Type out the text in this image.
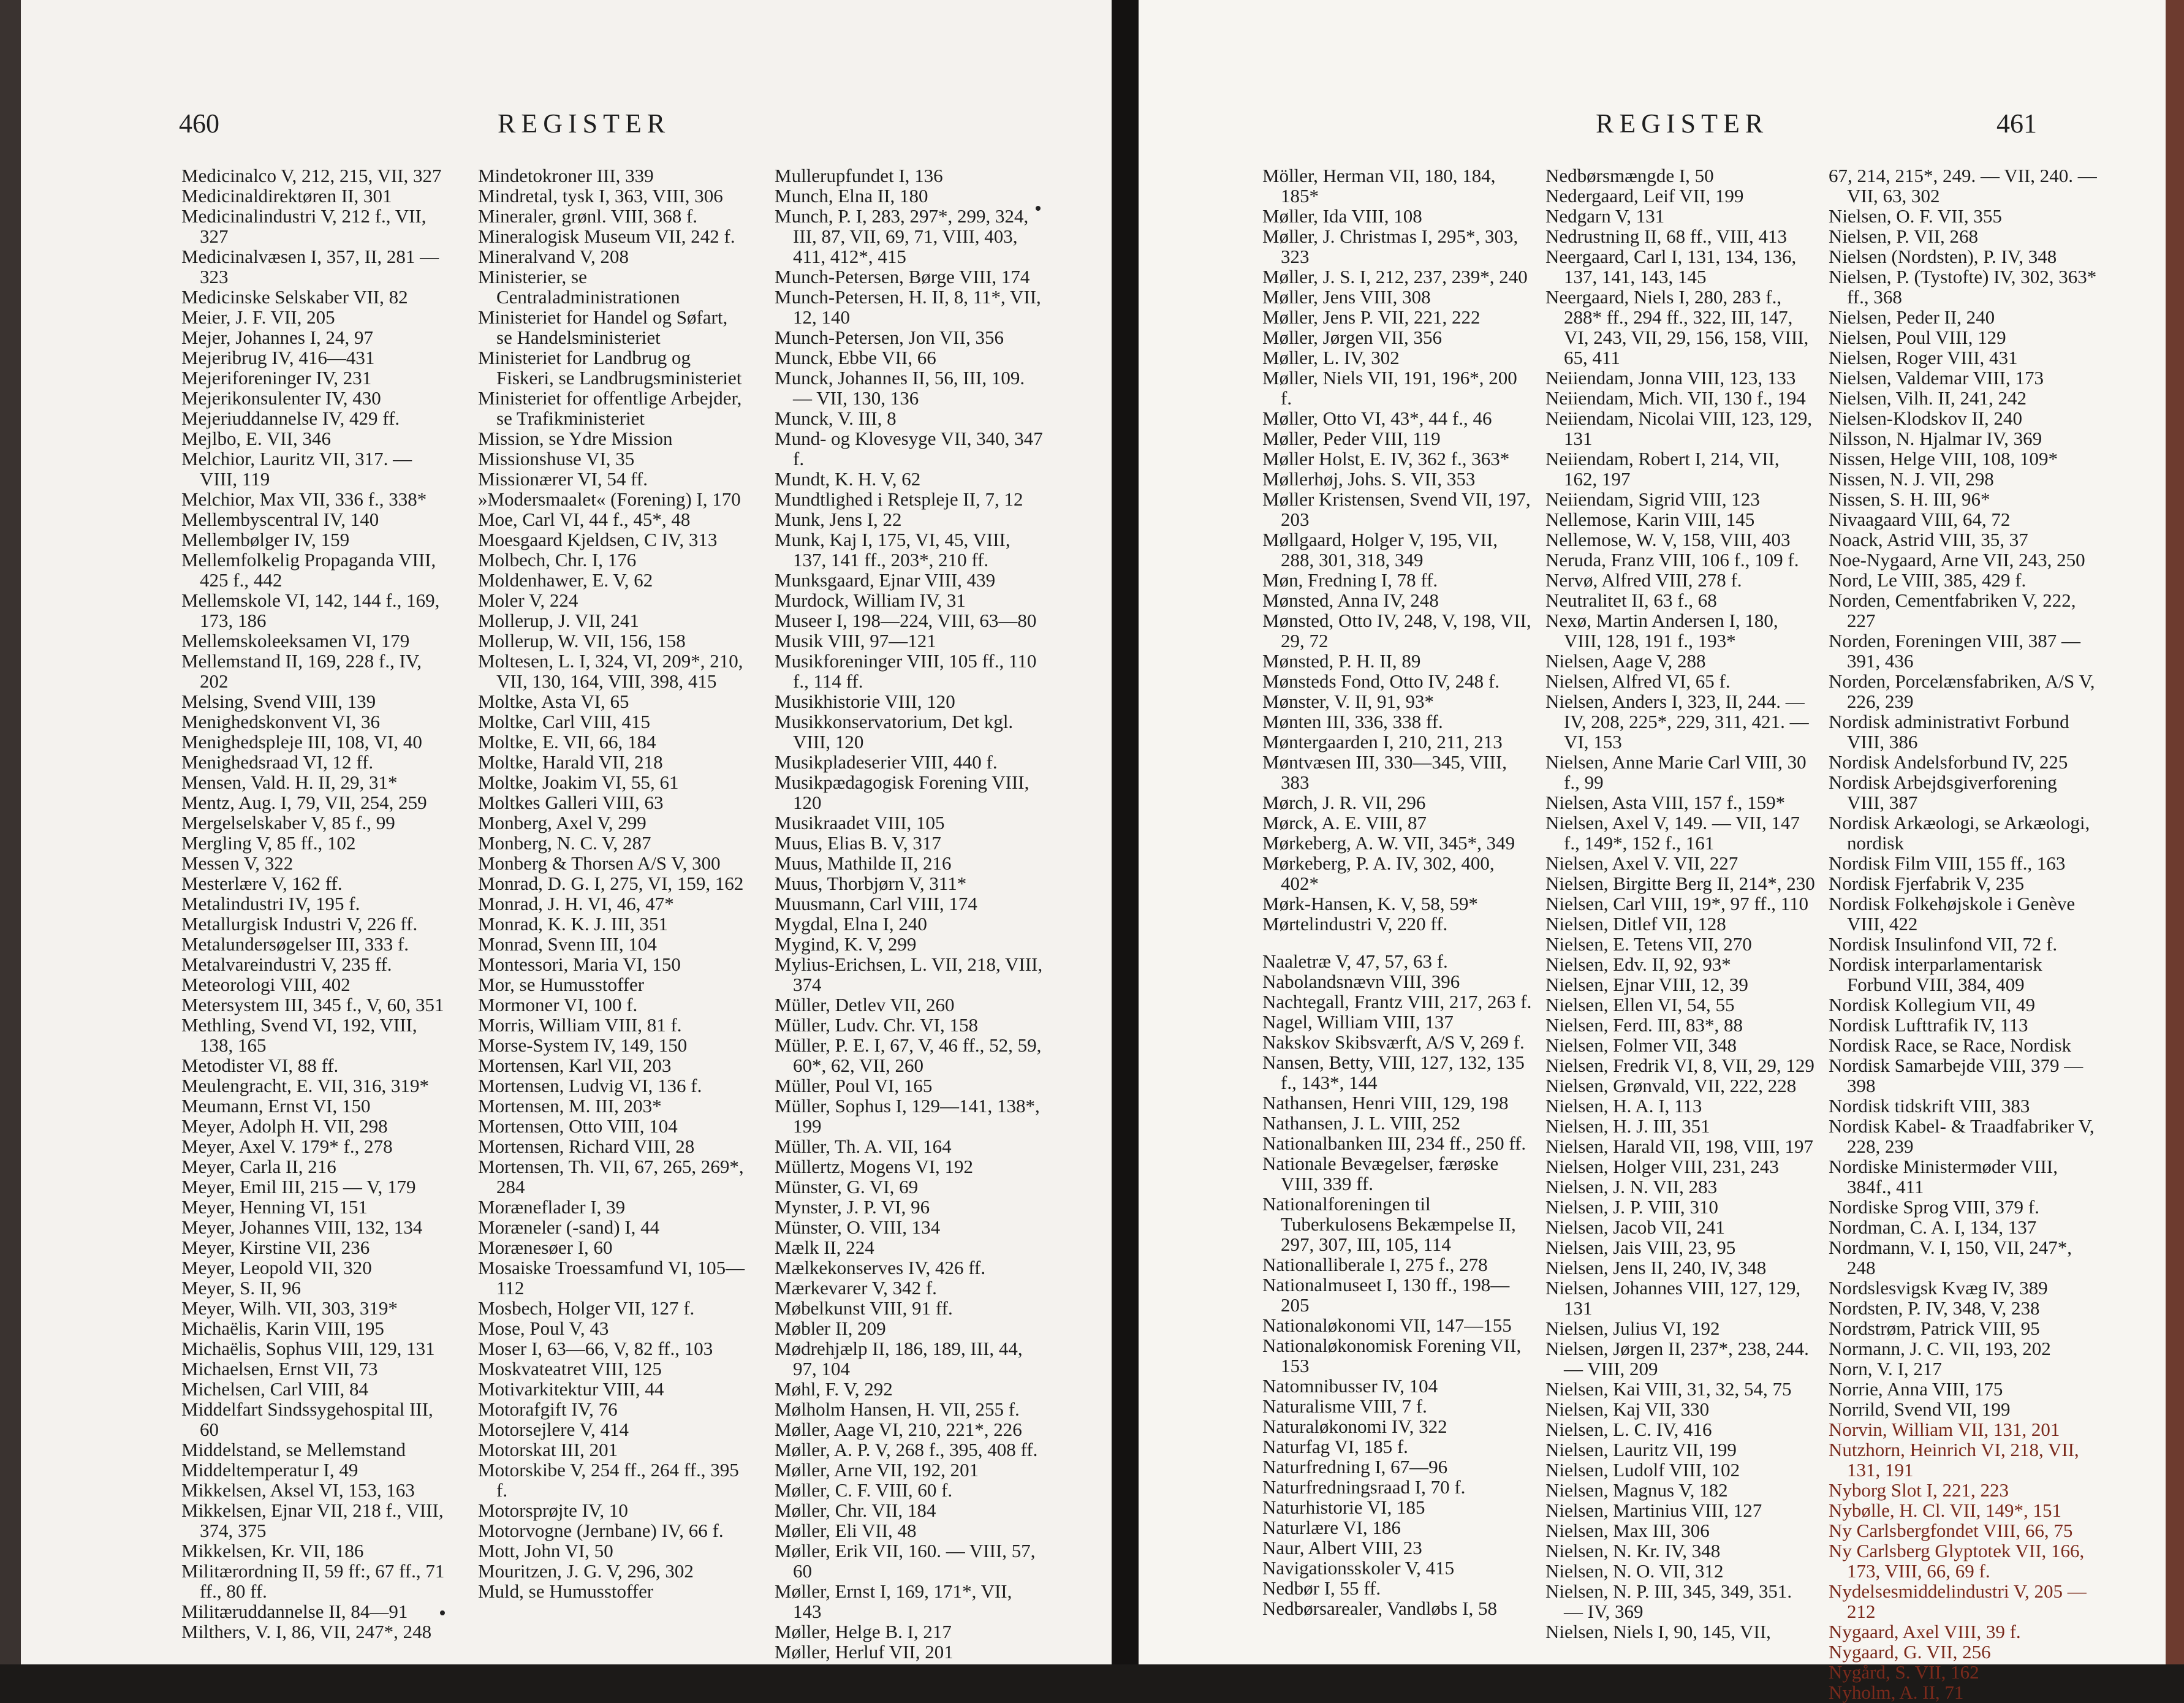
460	REGISTER
Medicinalco V, 212, 215, VII, 327
Medicinaldirektøren II, 301
Medicinalindustri V, 212 f., VII, 327
Medicinalvæsen I, 357, II, 281 —323
Medicinske Selskaber VII, 82
Meier, J. F. VII, 205
Mejer, Johannes I, 24, 97
Mejeribrug IV, 416—431
Mejeriforeninger IV, 231
Mejerikonsulenter IV, 430
Mejeriuddannelse IV, 429 ff.
Mejlbo, E. VII, 346
Melchior, Lauritz VII, 317. — VIII, 119
Melchior, Max VII, 336 f., 338*
Mellembyscentral IV, 140
Mellembølger IV, 159
Mellemfolkelig Propaganda VIII, 425 f., 442
Mellemskole VI, 142, 144 f., 169, 173, 186
Mellemskoleeksamen VI, 179
Mellemstand II, 169, 228 f., IV, 202
Melsing, Svend VIII, 139
Menighedskonvent VI, 36
Menighedspleje III, 108, VI, 40
Menighedsraad VI, 12 ff.
Mensen, Vald. H. II, 29, 31*
Mentz, Aug. I, 79, VII, 254, 259
Mergelselskaber V, 85 f., 99
Mergling V, 85 ff., 102
Messen V, 322
Mesterlære V, 162 ff.
Metalindustri IV, 195 f.
Metallurgisk Industri V, 226 ff.
Metalundersøgelser III, 333 f.
Metalvareindustri V, 235 ff.
Meteorologi VIII, 402
Metersystem III, 345 f., V, 60, 351
Methling, Svend VI, 192, VIII, 138, 165
Metodister VI, 88 ff.
Meulengracht, E. VII, 316, 319*
Meumann, Ernst VI, 150
Meyer, Adolph H. VII, 298
Meyer, Axel V. 179* f., 278
Meyer, Carla II, 216
Meyer, Emil III, 215 — V, 179
Meyer, Henning VI, 151
Meyer, Johannes VIII, 132, 134
Meyer, Kirstine VII, 236
Meyer, Leopold VII, 320
Meyer, S. II, 96
Meyer, Wilh. VII, 303, 319*
Michaëlis, Karin VIII, 195
Michaëlis, Sophus VIII, 129, 131
Michaelsen, Ernst VII, 73
Michelsen, Carl VIII, 84
Middelfart Sindssygehospital III, 60
Middelstand, se Mellemstand
Middeltemperatur I, 49
Mikkelsen, Aksel VI, 153, 163
Mikkelsen, Ejnar VII, 218 f., VIII, 374, 375
Mikkelsen, Kr. VII, 186
Militærordning II, 59 ff:, 67 ff., 71 ff., 80 ff.
Militæruddannelse II, 84—91
Milthers, V. I, 86, VII, 247*, 248
Mindetokroner III, 339
Mindretal, tysk I, 363, VIII, 306
Mineraler, grønl. VIII, 368 f.
Mineralogisk Museum VII, 242 f.
Mineralvand V, 208
Ministerier, se Centraladministrationen
Ministeriet for Handel og Søfart, se Handelsministeriet
Ministeriet for Landbrug og Fiskeri, se Landbrugsministeriet
Ministeriet for offentlige Arbejder, se Trafikministeriet
Mission, se Ydre Mission
Missionshuse VI, 35
Missionærer VI, 54 ff.
»Modersmaalet« (Forening) I, 170
Moe, Carl VI, 44 f., 45*, 48
Moesgaard Kjeldsen, C IV, 313
Molbech, Chr. I, 176
Moldenhawer, E. V, 62
Moler V, 224
Mollerup, J. VII, 241
Mollerup, W. VII, 156, 158
Moltesen, L. I, 324, VI, 209*, 210, VII, 130, 164, VIII, 398, 415
Moltke, Asta VI, 65
Moltke, Carl VIII, 415
Moltke, E. VII, 66, 184
Moltke, Harald VII, 218
Moltke, Joakim VI, 55, 61
Moltkes Galleri VIII, 63
Monberg, Axel V, 299
Monberg, N. C. V, 287
Monberg & Thorsen A/S V, 300
Monrad, D. G. I, 275, VI, 159, 162
Monrad, J. H. VI, 46, 47*
Monrad, K. K. J. III, 351
Monrad, Svenn III, 104
Montessori, Maria VI, 150
Mor, se Humusstoffer
Mormoner VI, 100 f.
Morris, William VIII, 81 f.
Morse-System IV, 149, 150
Mortensen, Karl VII, 203
Mortensen, Ludvig VI, 136 f.
Mortensen, M. III, 203*
Mortensen, Otto VIII, 104
Mortensen, Richard VIII, 28
Mortensen, Th. VII, 67, 265, 269*, 284
Moræneflader I, 39
Moræneler (-sand) I, 44
Morænesøer I, 60
Mosaiske Troessamfund VI, 105—112
Mosbech, Holger VII, 127 f.
Mose, Poul V, 43
Moser I, 63—66, V, 82 ff., 103
Moskvateatret VIII, 125
Motivarkitektur VIII, 44
Motorafgift IV, 76
Motorsejlere V, 414
Motorskat III, 201
Motorskibe V, 254 ff., 264 ff., 395 f.
Motorsprøjte IV, 10
Motorvogne (Jernbane) IV, 66 f.
Mott, John VI, 50
Mouritzen, J. G. V, 296, 302
Muld, se Humusstoffer
Mullerupfundet I, 136
Munch, Elna II, 180
Munch, P. I, 283, 297*, 299, 324, III, 87, VII, 69, 71, VIII, 403, 411, 412*, 415
Munch-Petersen, Børge VIII, 174
Munch-Petersen, H. II, 8, 11*, VII, 12, 140
Munch-Petersen, Jon VII, 356
Munck, Ebbe VII, 66
Munck, Johannes II, 56, III, 109. — VII, 130, 136
Munck, V. III, 8
Mund- og Klovesyge VII, 340, 347 f.
Mundt, K. H. V, 62
Mundtlighed i Retspleje II, 7, 12
Munk, Jens I, 22
Munk, Kaj I, 175, VI, 45, VIII, 137, 141 ff., 203*, 210 ff.
Munksgaard, Ejnar VIII, 439
Murdock, William IV, 31
Museer I, 198—224, VIII, 63—80
Musik VIII, 97—121
Musikforeninger VIII, 105 ff., 110 f., 114 ff.
Musikhistorie VIII, 120
Musikkonservatorium, Det kgl. VIII, 120
Musikpladeserier VIII, 440 f.
Musikpædagogisk Forening VIII, 120
Musikraadet VIII, 105
Muus, Elias B. V, 317
Muus, Mathilde II, 216
Muus, Thorbjørn V, 311*
Muusmann, Carl VIII, 174
Mygdal, Elna I, 240
Mygind, K. V, 299
Mylius-Erichsen, L. VII, 218, VIII, 374
Müller, Detlev VII, 260
Müller, Ludv. Chr. VI, 158
Müller, P. E. I, 67, V, 46 ff., 52, 59, 60*, 62, VII, 260
Müller, Poul VI, 165
Müller, Sophus I, 129—141, 138*, 199
Müller, Th. A. VII, 164
Müllertz, Mogens VI, 192
Münster, G. VI, 69
Mynster, J. P. VI, 96
Münster, O. VIII, 134
Mælk II, 224
Mælkekonserves IV, 426 ff.
Mærkevarer V, 342 f.
Møbelkunst VIII, 91 ff.
Møbler II, 209
Mødrehjælp II, 186, 189, III, 44, 97, 104
Møhl, F. V, 292
Mølholm Hansen, H. VII, 255 f.
Møller, Aage VI, 210, 221*, 226
Møller, A. P. V, 268 f., 395, 408 ff.
Møller, Arne VII, 192, 201
Møller, C. F. VIII, 60 f.
Møller, Chr. VII, 184
Møller, Eli VII, 48
Møller, Erik VII, 160. — VIII, 57, 60
Møller, Ernst I, 169, 171*, VII, 143
Møller, Helge B. I, 217
Møller, Herluf VII, 201
REGISTER	461
Möller, Herman VII, 180, 184, 185*
Møller, Ida VIII, 108
Møller, J. Christmas I, 295*, 303, 323
Møller, J. S. I, 212, 237, 239*, 240
Møller, Jens VIII, 308
Møller, Jens P. VII, 221, 222
Møller, Jørgen VII, 356
Møller, L. IV, 302
Møller, Niels VII, 191, 196*, 200 f.
Møller, Otto VI, 43*, 44 f., 46
Møller, Peder VIII, 119
Møller Holst, E. IV, 362 f., 363*
Møllerhøj, Johs. S. VII, 353
Møller Kristensen, Svend VII, 197, 203
Møllgaard, Holger V, 195, VII, 288, 301, 318, 349
Møn, Fredning I, 78 ff.
Mønsted, Anna IV, 248
Mønsted, Otto IV, 248, V, 198, VII, 29, 72
Mønsted, P. H. II, 89
Mønsteds Fond, Otto IV, 248 f.
Mønster, V. II, 91, 93*
Mønten III, 336, 338 ff.
Møntergaarden I, 210, 211, 213
Møntvæsen III, 330—345, VIII, 383
Mørch, J. R. VII, 296
Mørck, A. E. VIII, 87
Mørkeberg, A. W. VII, 345*, 349
Mørkeberg, P. A. IV, 302, 400, 402*
Mørk-Hansen, K. V, 58, 59*
Mørtelindustri V, 220 ff.
Naaletræ V, 47, 57, 63 f.
Nabolandsnævn VIII, 396
Nachtegall, Frantz VIII, 217, 263 f.
Nagel, William VIII, 137
Nakskov Skibsværft, A/S V, 269 f.
Nansen, Betty, VIII, 127, 132, 135 f., 143*, 144
Nathansen, Henri VIII, 129, 198
Nathansen, J. L. VIII, 252
Nationalbanken III, 234 ff., 250 ff.
Nationale Bevægelser, færøske VIII, 339 ff.
Nationalforeningen til Tuberkulosens Bekæmpelse II, 297, 307, III, 105, 114
Nationalliberale I, 275 f., 278
Nationalmuseet I, 130 ff., 198—205
Nationaløkonomi VII, 147—155
Nationaløkonomisk Forening VII, 153
Natomnibusser IV, 104
Naturalisme VIII, 7 f.
Naturaløkonomi IV, 322
Naturfag VI, 185 f.
Naturfredning I, 67—96
Naturfredningsraad I, 70 f.
Naturhistorie VI, 185
Naturlære VI, 186
Naur, Albert VIII, 23
Navigationsskoler V, 415
Nedbør I, 55 ff.
Nedbørsarealer, Vandløbs I, 58
Nedbørsmængde I, 50
Nedergaard, Leif VII, 199
Nedgarn V, 131
Nedrustning II, 68 ff., VIII, 413
Neergaard, Carl I, 131, 134, 136, 137, 141, 143, 145
Neergaard, Niels I, 280, 283 f., 288* ff., 294 ff., 322, III, 147, VI, 243, VII, 29, 156, 158, VIII, 65, 411
Neiiendam, Jonna VIII, 123, 133
Neiiendam, Mich. VII, 130 f., 194
Neiiendam, Nicolai VIII, 123, 129, 131
Neiiendam, Robert I, 214, VII, 162, 197
Neiiendam, Sigrid VIII, 123
Nellemose, Karin VIII, 145
Nellemose, W. V, 158, VIII, 403
Neruda, Franz VIII, 106 f., 109 f.
Nervø, Alfred VIII, 278 f.
Neutralitet II, 63 f., 68
Nexø, Martin Andersen I, 180, VIII, 128, 191 f., 193*
Nielsen, Aage V, 288
Nielsen, Alfred VI, 65 f.
Nielsen, Anders I, 323, II, 244. — IV, 208, 225*, 229, 311, 421. — VI, 153
Nielsen, Anne Marie Carl VIII, 30 f., 99
Nielsen, Asta VIII, 157 f., 159*
Nielsen, Axel V, 149. — VII, 147 f., 149*, 152 f., 161
Nielsen, Axel V. VII, 227
Nielsen, Birgitte Berg II, 214*, 230
Nielsen, Carl VIII, 19*, 97 ff., 110
Nielsen, Ditlef VII, 128
Nielsen, E. Tetens VII, 270
Nielsen, Edv. II, 92, 93*
Nielsen, Ejnar VIII, 12, 39
Nielsen, Ellen VI, 54, 55
Nielsen, Ferd. III, 83*, 88
Nielsen, Folmer VII, 348
Nielsen, Fredrik VI, 8, VII, 29, 129
Nielsen, Grønvald, VII, 222, 228
Nielsen, H. A. I, 113
Nielsen, H. J. III, 351
Nielsen, Harald VII, 198, VIII, 197
Nielsen, Holger VIII, 231, 243
Nielsen, J. N. VII, 283
Nielsen, J. P. VIII, 310
Nielsen, Jacob VII, 241
Nielsen, Jais VIII, 23, 95
Nielsen, Jens II, 240, IV, 348
Nielsen, Johannes VIII, 127, 129, 131
Nielsen, Julius VI, 192
Nielsen, Jørgen II, 237*, 238, 244. — VIII, 209
Nielsen, Kai VIII, 31, 32, 54, 75
Nielsen, Kaj VII, 330
Nielsen, L. C. IV, 416
Nielsen, Lauritz VII, 199
Nielsen, Ludolf VIII, 102
Nielsen, Magnus V, 182
Nielsen, Martinius VIII, 127
Nielsen, Max III, 306
Nielsen, N. Kr. IV, 348
Nielsen, N. O. VII, 312
Nielsen, N. P. III, 345, 349, 351. — IV, 369
Nielsen, Niels I, 90, 145, VII,
67, 214, 215*, 249. — VII, 240. — VII, 63, 302
Nielsen, O. F. VII, 355
Nielsen, P. VII, 268
Nielsen (Nordsten), P. IV, 348
Nielsen, P. (Tystofte) IV, 302, 363* ff., 368
Nielsen, Peder II, 240
Nielsen, Poul VIII, 129
Nielsen, Roger VIII, 431
Nielsen, Valdemar VIII, 173
Nielsen, Vilh. II, 241, 242
Nielsen-Klodskov II, 240
Nilsson, N. Hjalmar IV, 369
Nissen, Helge VIII, 108, 109*
Nissen, N. J. VII, 298
Nissen, S. H. III, 96*
Nivaagaard VIII, 64, 72
Noack, Astrid VIII, 35, 37
Noe-Nygaard, Arne VII, 243, 250
Nord, Le VIII, 385, 429 f.
Norden, Cementfabriken V, 222, 227
Norden, Foreningen VIII, 387 —391, 436
Norden, Porcelænsfabriken, A/S V, 226, 239
Nordisk administrativt Forbund VIII, 386
Nordisk Andelsforbund IV, 225
Nordisk Arbejdsgiverforening VIII, 387
Nordisk Arkæologi, se Arkæologi, nordisk
Nordisk Film VIII, 155 ff., 163
Nordisk Fjerfabrik V, 235
Nordisk Folkehøjskole i Genève VIII, 422
Nordisk Insulinfond VII, 72 f.
Nordisk interparlamentarisk Forbund VIII, 384, 409
Nordisk Kollegium VII, 49
Nordisk Lufttrafik IV, 113
Nordisk Race, se Race, Nordisk
Nordisk Samarbejde VIII, 379 —398
Nordisk tidskrift VIII, 383
Nordisk Kabel- & Traadfabriker V, 228, 239
Nordiske Ministermøder VIII, 384f., 411
Nordiske Sprog VIII, 379 f.
Nordman, C. A. I, 134, 137
Nordmann, V. I, 150, VII, 247*, 248
Nordslesvigsk Kvæg IV, 389
Nordsten, P. IV, 348, V, 238
Nordstrøm, Patrick VIII, 95
Normann, J. C. VII, 193, 202
Norn, V. I, 217
Norrie, Anna VIII, 175
Norrild, Svend VII, 199
Norvin, William VII, 131, 201
Nutzhorn, Heinrich VI, 218, VII, 131, 191
Nyborg Slot I, 221, 223
Nybølle, H. Cl. VII, 149*, 151
Ny Carlsbergfondet VIII, 66, 75
Ny Carlsberg Glyptotek VII, 166, 173, VIII, 66, 69 f.
Nydelsesmiddelindustri V, 205 —212
Nygaard, Axel VIII, 39 f.
Nygaard, G. VII, 256
Nygård, S. VII, 162
Nyholm, A. II, 71
